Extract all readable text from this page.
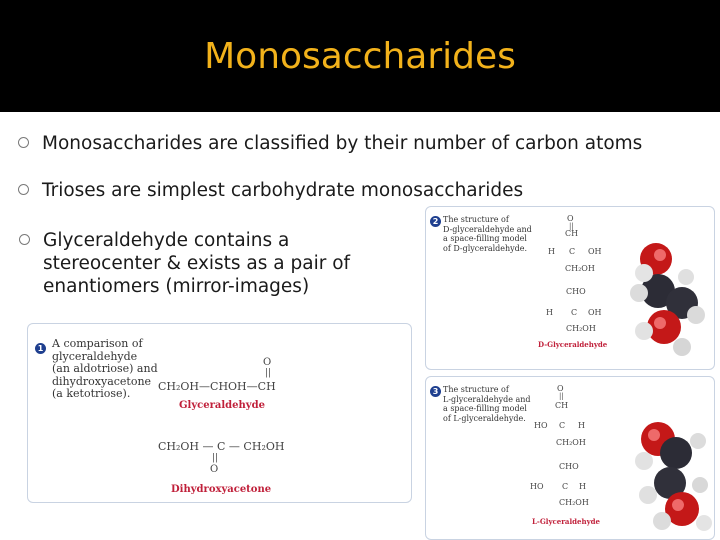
Monosaccharides
Monosaccharides are classified by their number of carbon atoms
Trioses are simplest carbohydrate monosaccharides
Glyceraldehyde contains a
stereocenter & exists as a pair of
enantiomers (mirror-images)
1 A comparison of
glyceraldehyde
(an aldotriose) and
dihydroxyacetone
(a ketotriose).
O
||
CH₂OH—CHOH—CH
Glyceraldehyde
CH₂OH — C — CH₂OH
||
O
Dihydroxyacetone
2 The structure of
D-glyceraldehyde and
a space-filling model
of D-glyceraldehyde.
O
||
CH
H C OH
CH₂OH
CHO
H C OH
CH₂OH
D-Glyceraldehyde
3 The structure of
L-glyceraldehyde and
a space-filling model
of L-glyceraldehyde.
O
||
CH
HO C H
CH₂OH
CHO
HO C H
CH₂OH
L-Glyceraldehyde
